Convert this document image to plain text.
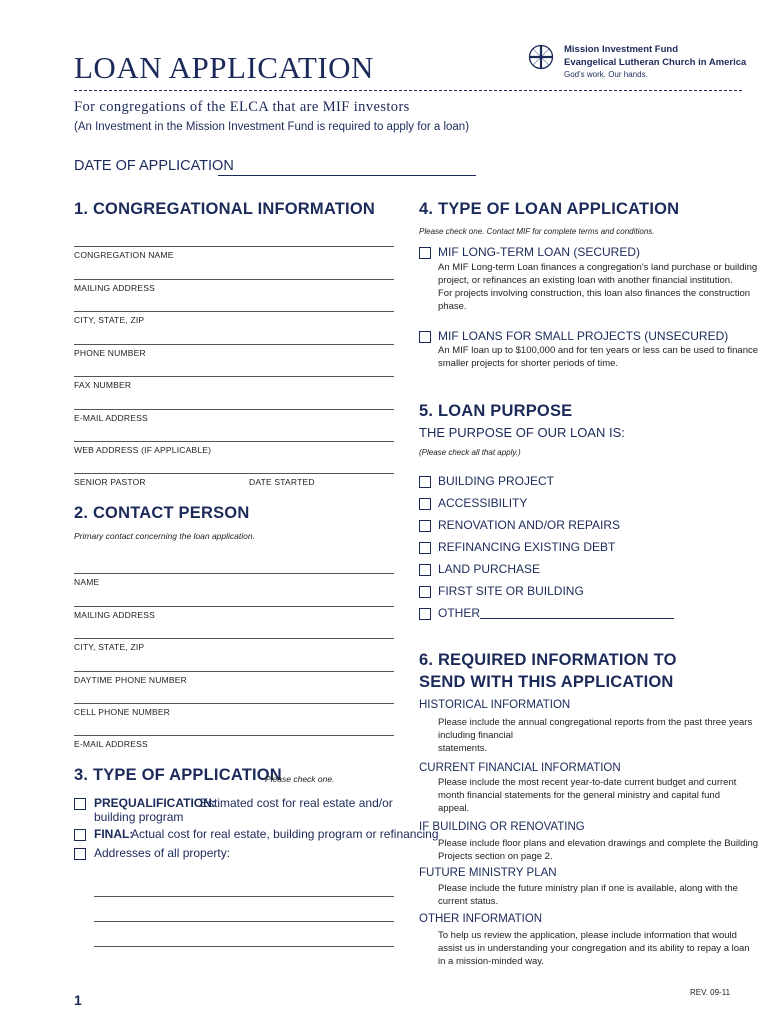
LOAN APPLICATION
Mission Investment Fund
Evangelical Lutheran Church in America
God's work. Our hands.
For congregations of the ELCA that are MIF investors
(An Investment in the Mission Investment Fund is required to apply for a loan)
DATE OF APPLICATION
1. CONGREGATIONAL INFORMATION
CONGREGATION NAME
MAILING ADDRESS
CITY, STATE, ZIP
PHONE NUMBER
FAX NUMBER
E-MAIL ADDRESS
WEB ADDRESS (IF APPLICABLE)
SENIOR PASTOR	DATE STARTED
2. CONTACT PERSON
Primary contact concerning the loan application.
NAME
MAILING ADDRESS
CITY, STATE, ZIP
DAYTIME PHONE NUMBER
CELL PHONE NUMBER
E-MAIL ADDRESS
3. TYPE OF APPLICATION
Please check one.
PREQUALIFICATION:
Estimated cost for real estate and/or
building program
FINAL:
Actual cost for real estate, building program or refinancing
Addresses of all property:
4. TYPE OF LOAN APPLICATION
Please check one. Contact MIF for complete terms and conditions.
MIF LONG-TERM LOAN (SECURED)
An MIF Long-term Loan finances a congregation's land purchase or building
project, or refinances an existing loan with another financial institution.
For projects involving construction, this loan also finances the construction
phase.
MIF LOANS FOR SMALL PROJECTS (UNSECURED)
An MIF loan up to $100,000 and for ten years or less can be used to finance
smaller projects for shorter periods of time.
5. LOAN PURPOSE
THE PURPOSE OF OUR LOAN IS:
(Please check all that apply.)
BUILDING PROJECT
ACCESSIBILITY
RENOVATION AND/OR REPAIRS
REFINANCING EXISTING DEBT
LAND PURCHASE
FIRST SITE OR BUILDING
OTHER
6. REQUIRED INFORMATION TO
SEND WITH THIS APPLICATION
HISTORICAL INFORMATION
Please include the annual congregational reports from the past three years
including financial
statements.
CURRENT FINANCIAL INFORMATION
Please include the most recent year-to-date current budget and current
month financial statements for the general ministry and capital fund
appeal.
IF BUILDING OR RENOVATING
Please include floor plans and elevation drawings and complete the Building
Projects section on page 2.
FUTURE MINISTRY PLAN
Please include the future ministry plan if one is available, along with the
current status.
OTHER INFORMATION
To help us review the application, please include information that would
assist us in understanding your congregation and its ability to repay a loan
in a mission-minded way.
1	REV. 09-11
